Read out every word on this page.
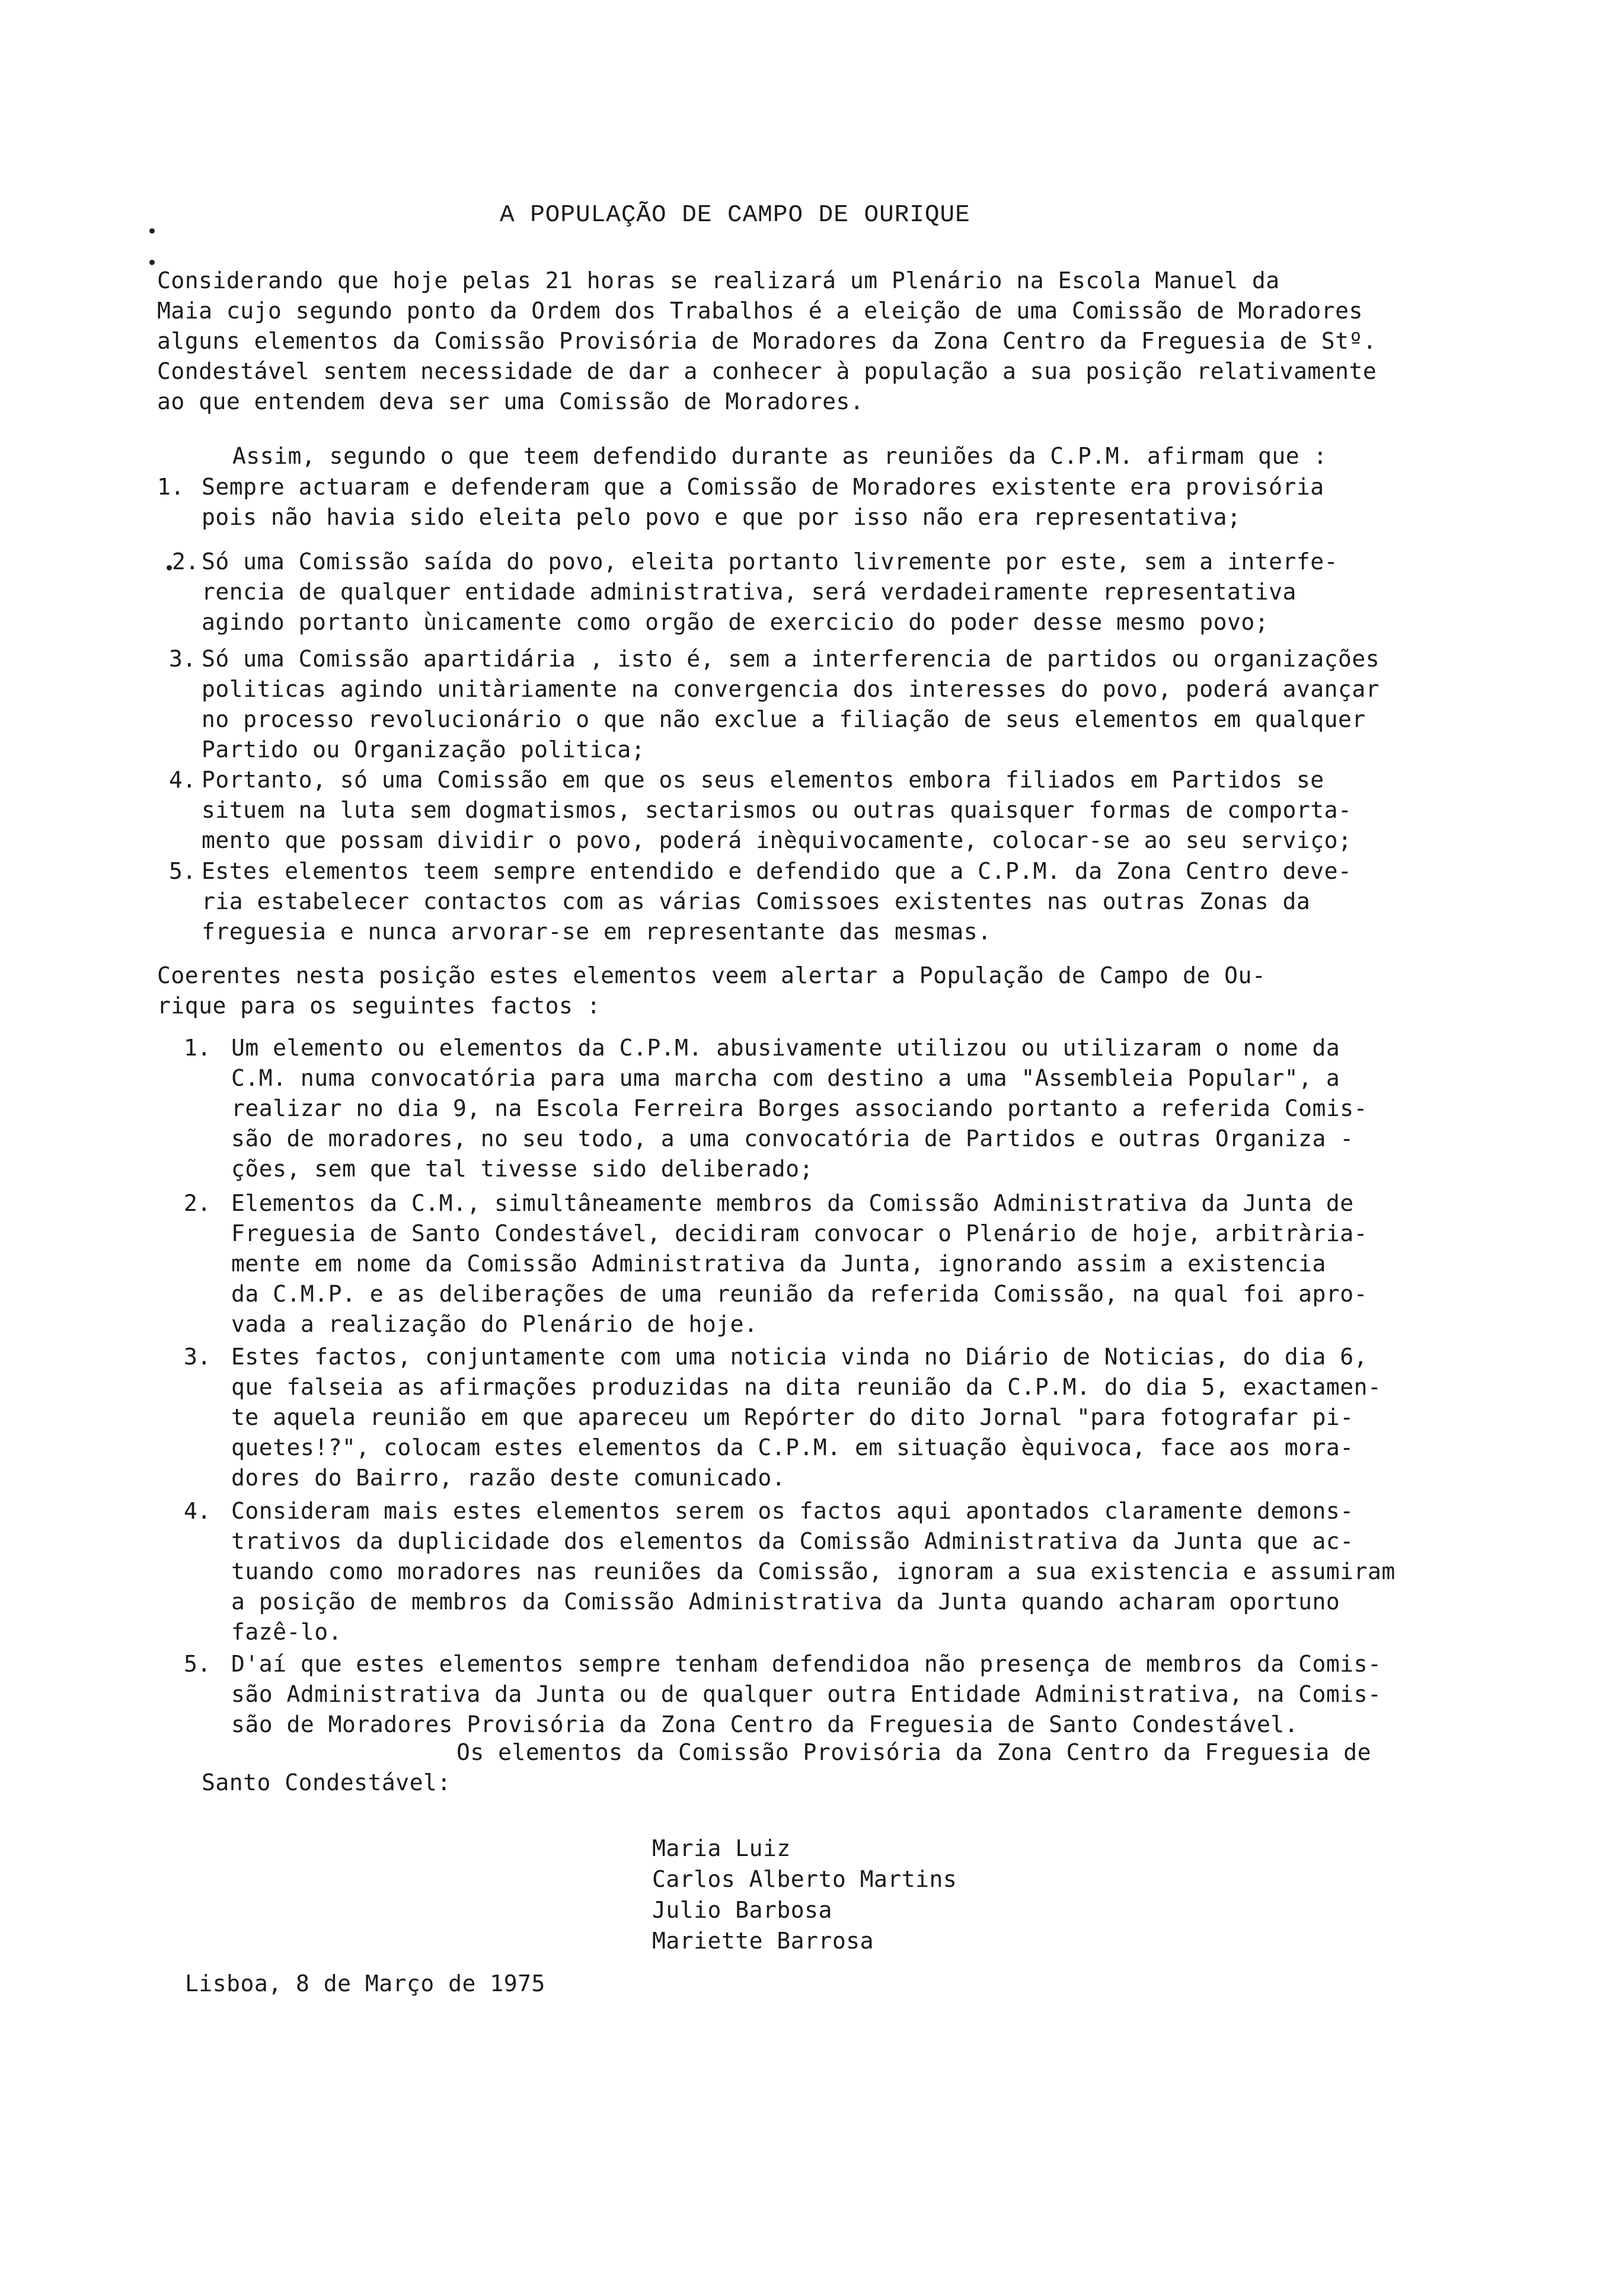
A POPULAÇÃO DE CAMPO DE OURIQUE
Considerando que hoje pelas 21 horas se realizará um Plenário na Escola Manuel da
Maia cujo segundo ponto da Ordem dos Trabalhos é a eleição de uma Comissão de Moradores
alguns elementos da Comissão Provisória de Moradores da Zona Centro da Freguesia de Stº.
Condestável sentem necessidade de dar a conhecer à população a sua posição relativamente
ao que entendem deva ser uma Comissão de Moradores.
Assim, segundo o que teem defendido durante as reuniões da C.P.M. afirmam que :
1. Sempre actuaram e defenderam que a Comissão de Moradores existente era provisória
pois não havia sido eleita pelo povo e que por isso não era representativa;
2. Só uma Comissão saída do povo, eleita portanto livremente por este, sem a interfe-
rencia de qualquer entidade administrativa, será verdadeiramente representativa
agindo portanto ùnicamente como orgão de exercicio do poder desse mesmo povo;
3. Só uma Comissão apartidária , isto é, sem a interferencia de partidos ou organizações
politicas agindo unitàriamente na convergencia dos interesses do povo, poderá avançar
no processo revolucionário o que não exclue a filiação de seus elementos em qualquer
Partido ou Organização politica;
4. Portanto, só uma Comissão em que os seus elementos embora filiados em Partidos se
situem na luta sem dogmatismos, sectarismos ou outras quaisquer formas de comporta-
mento que possam dividir o povo, poderá inèquivocamente, colocar-se ao seu serviço;
5. Estes elementos teem sempre entendido e defendido que a C.P.M. da Zona Centro deve-
ria estabelecer contactos com as várias Comissoes existentes nas outras Zonas da
freguesia e nunca arvorar-se em representante das mesmas.
Coerentes nesta posição estes elementos veem alertar a População de Campo de Ou-
rique para os seguintes factos :
1. Um elemento ou elementos da C.P.M. abusivamente utilizou ou utilizaram o nome da
C.M. numa convocatória para uma marcha com destino a uma "Assembleia Popular", a
realizar no dia 9, na Escola Ferreira Borges associando portanto a referida Comis-
são de moradores, no seu todo, a uma convocatória de Partidos e outras Organiza -
ções, sem que tal tivesse sido deliberado;
2. Elementos da C.M., simultâneamente membros da Comissão Administrativa da Junta de
Freguesia de Santo Condestável, decidiram convocar o Plenário de hoje, arbitrària-
mente em nome da Comissão Administrativa da Junta, ignorando assim a existencia
da C.M.P. e as deliberações de uma reunião da referida Comissão, na qual foi apro-
vada a realização do Plenário de hoje.
3. Estes factos, conjuntamente com uma noticia vinda no Diário de Noticias, do dia 6,
que falseia as afirmações produzidas na dita reunião da C.P.M. do dia 5, exactamen-
te aquela reunião em que apareceu um Repórter do dito Jornal "para fotografar pi-
quetes!?", colocam estes elementos da C.P.M. em situação èquivoca, face aos mora-
dores do Bairro, razão deste comunicado.
4. Consideram mais estes elementos serem os factos aqui apontados claramente demons-
trativos da duplicidade dos elementos da Comissão Administrativa da Junta que ac-
tuando como moradores nas reuniões da Comissão, ignoram a sua existencia e assumiram
a posição de membros da Comissão Administrativa da Junta quando acharam oportuno
fazê-lo.
5. D'aí que estes elementos sempre tenham defendidoa não presença de membros da Comis-
são Administrativa da Junta ou de qualquer outra Entidade Administrativa, na Comis-
são de Moradores Provisória da Zona Centro da Freguesia de Santo Condestável.
Os elementos da Comissão Provisória da Zona Centro da Freguesia de
Santo Condestável:
Maria Luiz
Carlos Alberto Martins
Julio Barbosa
Mariette Barrosa
Lisboa, 8 de Março de 1975
